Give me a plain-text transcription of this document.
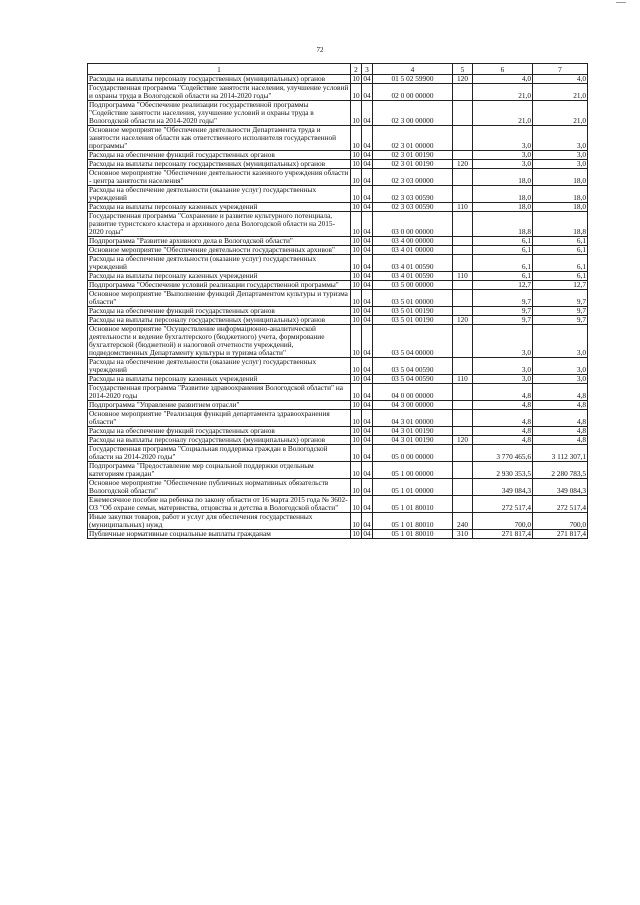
72
1	2	3	4	5	6	7
Расходы на выплаты персоналу государственных (муниципальных) органов	10	04	01 5 02 59900	120	4,0	4,0
Государственная программа "Содействие занятости населения, улучшение условий и охраны труда в Вологодской области на 2014-2020 годы"	10	04	02 0 00 00000		21,0	21,0
Подпрограмма "Обеспечение реализации государственной программы "Содействие занятости населения, улучшение условий и охраны труда в Вологодской области на 2014-2020 годы"	10	04	02 3 00 00000		21,0	21,0
Основное мероприятие "Обеспечение деятельности Департамента труда и занятости населения области как ответственного исполнителя государственной программы"	10	04	02 3 01 00000		3,0	3,0
Расходы на обеспечение функций государственных органов	10	04	02 3 01 00190		3,0	3,0
Расходы на выплаты персоналу государственных (муниципальных) органов	10	04	02 3 01 00190	120	3,0	3,0
Основное мероприятие "Обеспечение деятельности казенного учреждения области - центра занятости населения"	10	04	02 3 03 00000		18,0	18,0
Расходы на обеспечение деятельности (оказание услуг) государственных учреждений	10	04	02 3 03 00590		18,0	18,0
Расходы на выплаты персоналу казенных учреждений	10	04	02 3 03 00590	110	18,0	18,0
Государственная программа "Сохранение и развитие культурного потенциала, развитие туристского кластера и архивного дела Вологодской области на 2015-2020 годы"	10	04	03 0 00 00000		18,8	18,8
Подпрограмма "Развитие архивного дела в Вологодской области"	10	04	03 4 00 00000		6,1	6,1
Основное мероприятие "Обеспечение деятельности государственных архивов"	10	04	03 4 01 00000		6,1	6,1
Расходы на обеспечение деятельности (оказание услуг) государственных учреждений	10	04	03 4 01 00590		6,1	6,1
Расходы на выплаты персоналу казенных учреждений	10	04	03 4 01 00590	110	6,1	6,1
Подпрограмма "Обеспечение условий реализации государственной программы"	10	04	03 5 00 00000		12,7	12,7
Основное мероприятие "Выполнение функций Департаментом культуры и туризма области"	10	04	03 5 01 00000		9,7	9,7
Расходы на обеспечение функций государственных органов	10	04	03 5 01 00190		9,7	9,7
Расходы на выплаты персоналу государственных (муниципальных) органов	10	04	03 5 01 00190	120	9,7	9,7
Основное мероприятие "Осуществление информационно-аналитической деятельности и ведение бухгалтерского (бюджетного) учета, формирование бухгалтерской (бюджетной) и налоговой отчетности учреждений, подведомственных Департаменту культуры и туризма области"	10	04	03 5 04 00000		3,0	3,0
Расходы на обеспечение деятельности (оказание услуг) государственных учреждений	10	04	03 5 04 00590		3,0	3,0
Расходы на выплаты персоналу казенных учреждений	10	04	03 5 04 00590	110	3,0	3,0
Государственная программа "Развитие здравоохранения Вологодской области" на 2014-2020 годы	10	04	04 0 00 00000		4,8	4,8
Подпрограмма "Управление развитием отрасли"	10	04	04 3 00 00000		4,8	4,8
Основное мероприятие "Реализация функций департамента здравоохранения области"	10	04	04 3 01 00000		4,8	4,8
Расходы на обеспечение функций государственных органов	10	04	04 3 01 00190		4,8	4,8
Расходы на выплаты персоналу государственных (муниципальных) органов	10	04	04 3 01 00190	120	4,8	4,8
Государственная программа "Социальная поддержка граждан в Вологодской области на 2014-2020 годы"	10	04	05 0 00 00000		3 770 465,6	3 112 307,1
Подпрограмма "Предоставление мер социальной поддержки отдельным категориям граждан"	10	04	05 1 00 00000		2 930 353,5	2 280 783,5
Основное мероприятие "Обеспечение публичных нормативных обязательств Вологодской области"	10	04	05 1 01 00000		349 084,3	349 084,3
Ежемесячное пособие на ребенка по закону области от 16 марта 2015 года № 3602-ОЗ "Об охране семьи, материнства, отцовства и детства в Вологодской области"	10	04	05 1 01 80010		272 517,4	272 517,4
Иные закупки товаров, работ и услуг для обеспечения государственных (муниципальных) нужд	10	04	05 1 01 80010	240	700,0	700,0
Публичные нормативные социальные выплаты гражданам	10	04	05 1 01 80010	310	271 817,4	271 817,4
